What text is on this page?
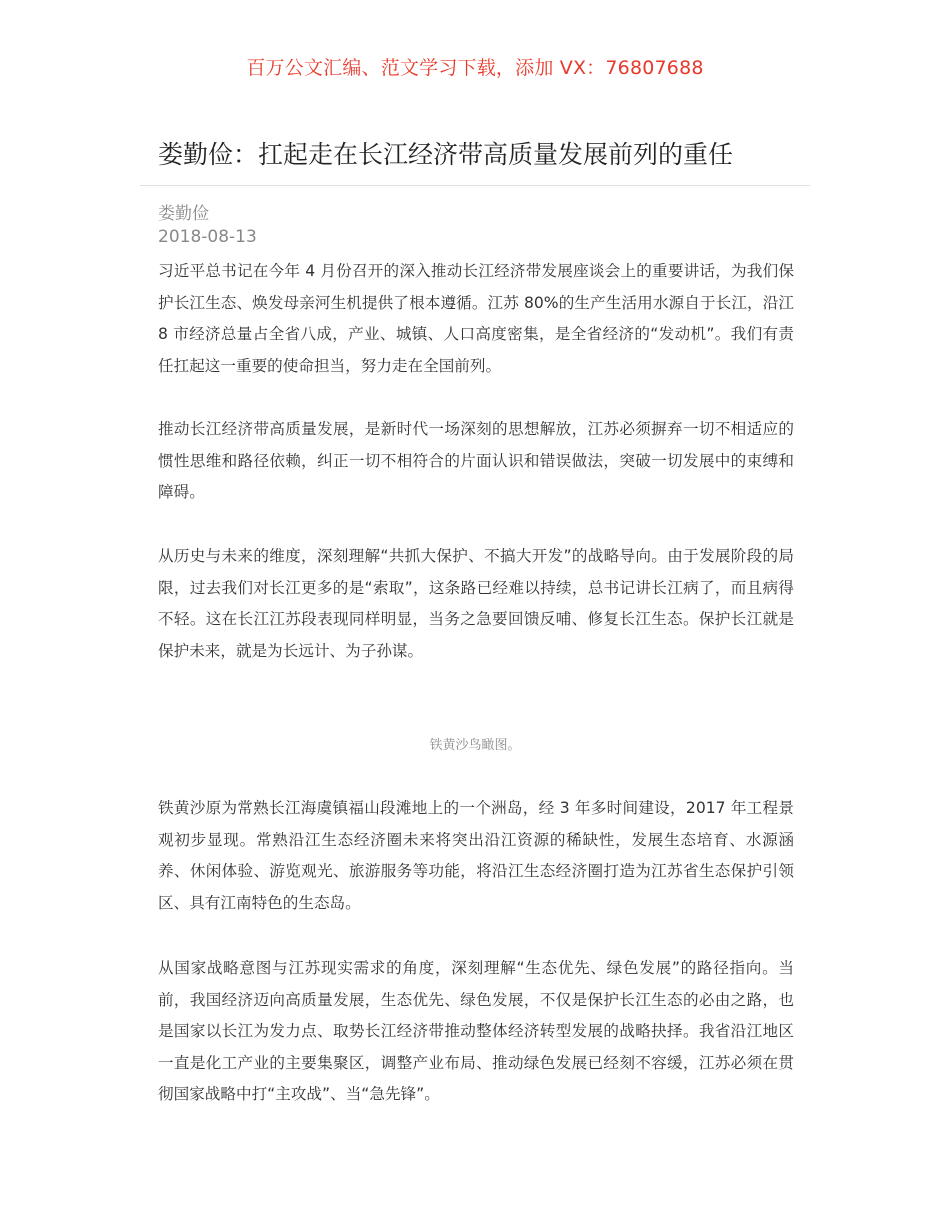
百万公文汇编、范文学习下载，添加 VX：76807688
娄勤俭：扛起走在长江经济带高质量发展前列的重任
娄勤俭
2018-08-13

习近平总书记在今年 4 月份召开的深入推动长江经济带发展座谈会上的重要讲话，为我们保护长江生态、焕发母亲河生机提供了根本遵循。江苏 80%的生产生活用水源自于长江，沿江 8 市经济总量占全省八成，产业、城镇、人口高度密集，是全省经济的“发动机”。我们有责任扛起这一重要的使命担当，努力走在全国前列。

推动长江经济带高质量发展，是新时代一场深刻的思想解放，江苏必须摒弃一切不相适应的惯性思维和路径依赖，纠正一切不相符合的片面认识和错误做法，突破一切发展中的束缚和障碍。

从历史与未来的维度，深刻理解“共抓大保护、不搞大开发”的战略导向。由于发展阶段的局限，过去我们对长江更多的是“索取”，这条路已经难以持续，总书记讲长江病了，而且病得不轻。这在长江江苏段表现同样明显，当务之急要回馈反哺、修复长江生态。保护长江就是保护未来，就是为长远计、为子孙谋。

铁黄沙鸟瞰图。

铁黄沙原为常熟长江海虞镇福山段滩地上的一个洲岛，经 3 年多时间建设，2017 年工程景观初步显现。常熟沿江生态经济圈未来将突出沿江资源的稀缺性，发展生态培育、水源涵养、休闲体验、游览观光、旅游服务等功能，将沿江生态经济圈打造为江苏省生态保护引领区、具有江南特色的生态岛。

从国家战略意图与江苏现实需求的角度，深刻理解“生态优先、绿色发展”的路径指向。当前，我国经济迈向高质量发展，生态优先、绿色发展，不仅是保护长江生态的必由之路，也是国家以长江为发力点、取势长江经济带推动整体经济转型发展的战略抉择。我省沿江地区一直是化工产业的主要集聚区，调整产业布局、推动绿色发展已经刻不容缓，江苏必须在贯彻国家战略中打“主攻战”、当“急先锋”。
